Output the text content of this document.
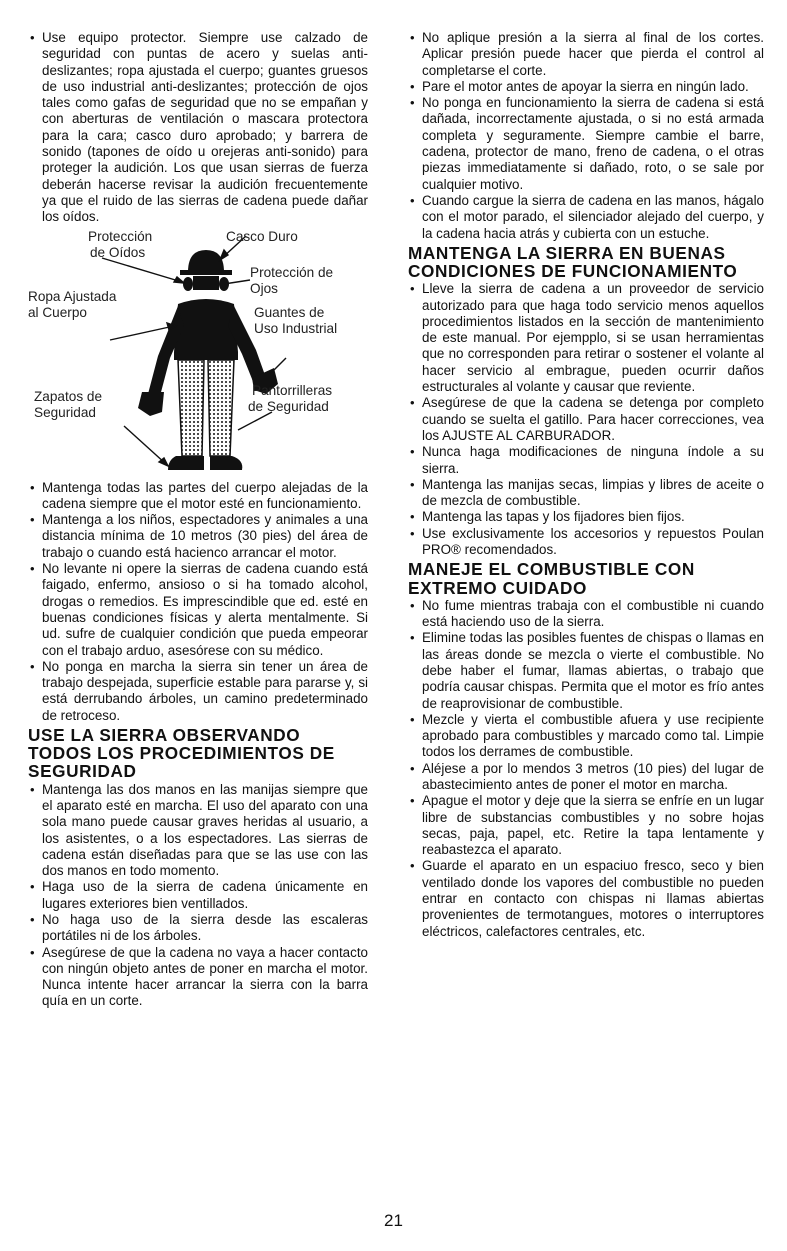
• Use equipo protector. Siempre use calzado de seguridad con puntas de acero y suelas anti-deslizantes; ropa ajustada el cuerpo; guantes gruesos de uso industrial anti-deslizantes; protección de ojos tales como gafas de seguridad que no se empañan y con aberturas de ventilación o mascara protectora para la cara; casco duro aprobado; y barrera de sonido (tapones de oído u orejeras anti-sonido) para proteger la audición. Los que usan sierras de fuerza deberán hacerse revisar la audición frecuentemente ya que el ruido de las sierras de cadena puede dañar los oídos.
Protección
de Oídos
Casco Duro
Protección de
Ojos
Ropa Ajustada
al Cuerpo	Guantes de
Uso Industrial
Pantorrilleras
de Seguridad
Zapatos de
Seguridad
• Mantenga todas las partes del cuerpo alejadas de la cadena siempre que el motor esté en funcionamiento.
• Mantenga a los niños, espectadores y animales a una distancia mínima de 10 metros (30 pies) del área de trabajo o cuando está hacienco arrancar el motor.
• No levante ni opere la sierras de cadena cuando está faigado, enfermo, ansioso o si ha tomado alcohol, drogas o remedios. Es imprescindible que ed. esté en buenas condiciones físicas y alerta mentalmente. Si ud. sufre de cualquier condición que pueda empeorar con el trabajo arduo, asesórese con su médico.
• No ponga en marcha la sierra sin tener un área de trabajo despejada, superficie estable para pararse y, si está derrubando árboles, un camino predeterminado de retroceso.
USE LA SIERRA OBSERVANDO TODOS LOS PROCEDIMIENTOS DE SEGURIDAD
• Mantenga las dos manos en las manijas siempre que el aparato esté en marcha. El uso del aparato con una sola mano puede causar graves heridas al usuario, a los asistentes, o a los espectadores. Las sierras de cadena están diseñadas para que se las use con las dos manos en todo momento.
• Haga uso de la sierra de cadena únicamente en lugares exteriores bien ventillados.
• No haga uso de la sierra desde las escaleras portátiles ni de los árboles.
• Asegúrese de que la cadena no vaya a hacer contacto con ningún objeto antes de poner en marcha el motor. Nunca intente hacer arrancar la sierra con la barra quía en un corte.
• No aplique presión a la sierra al final de los cortes. Aplicar presión puede hacer que pierda el control al completarse el corte.
• Pare el motor antes de apoyar la sierra en ningún lado.
• No ponga en funcionamiento la sierra de cadena si está dañada, incorrectamente ajustada, o si no está armada completa y seguramente. Siempre cambie el barre, cadena, protector de mano, freno de cadena, o el otras piezas immediatamente si dañado, roto, o se sale por cualquier motivo.
• Cuando cargue la sierra de cadena en las manos, hágalo con el motor parado, el silenciador alejado del cuerpo, y la cadena hacia atrás y cubierta con un estuche.
MANTENGA LA SIERRA EN BUENAS CONDICIONES DE FUNCIONAMIENTO
• Lleve la sierra de cadena a un proveedor de servicio autorizado para que haga todo servicio menos aquellos procedimientos listados en la sección de mantenimiento de este manual. Por ejempplo, si se usan herramientas que no corresponden para retirar o sostener el volante al hacer servicio al embrague, pueden ocurrir daños estructurales al volante y causar que reviente.
• Asegúrese de que la cadena se detenga por completo cuando se suelta el gatillo. Para hacer correcciones, vea los AJUSTE AL CARBURADOR.
• Nunca haga modificaciones de ninguna índole a su sierra.
• Mantenga las manijas secas, limpias y libres de aceite o de mezcla de combustible.
• Mantenga las tapas y los fijadores bien fijos.
• Use exclusivamente los accesorios y repuestos Poulan PRO® recomendados.
MANEJE EL COMBUSTIBLE CON EXTREMO CUIDADO
• No fume mientras trabaja con el combustible ni cuando está haciendo uso de la sierra.
• Elimine todas las posibles fuentes de chispas o llamas en las áreas donde se mezcla o vierte el combustible. No debe haber el fumar, llamas abiertas, o trabajo que podría causar chispas. Permita que el motor es frío antes de reaprovisionar de combustible.
• Mezcle y vierta el combustible afuera y use recipiente aprobado para combustibles y marcado como tal. Limpie todos los derrames de combustible.
• Aléjese a por lo mendos 3 metros (10 pies) del lugar de abastecimiento antes de poner el motor en marcha.
• Apague el motor y deje que la sierra se enfríe en un lugar libre de substancias combustibles y no sobre hojas secas, paja, papel, etc. Retire la tapa lentamente y reabastezca el aparato.
• Guarde el aparato en un espaciuo fresco, seco y bien ventilado donde los vapores del combustible no pueden entrar en contacto con chispas ni llamas abiertas provenientes de termotangues, motores o interruptores eléctricos, calefactores centrales, etc.
21
